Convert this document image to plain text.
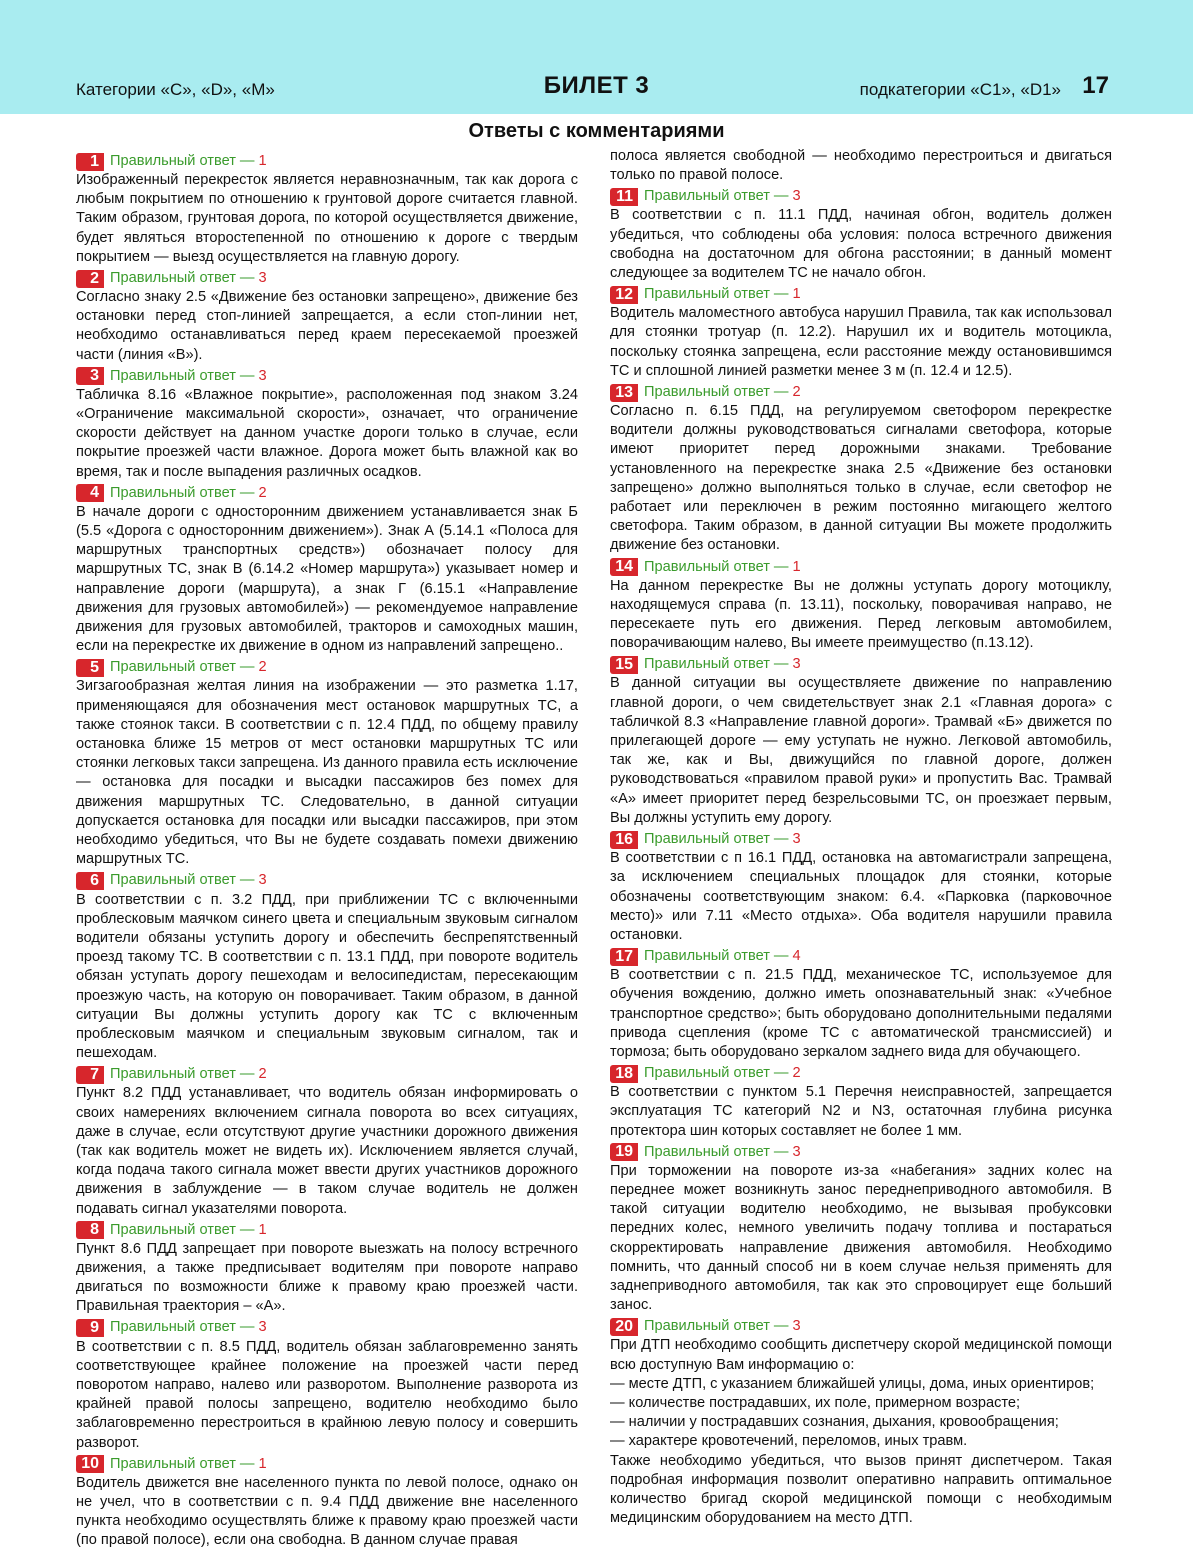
Категории «C», «D», «M»	БИЛЕТ 3	подкатегории «C1», «D1» 17
Ответы с комментариями
1 Правильный ответ — 1

Изображенный перекресток является неравнозначным, так как дорога с любым покрытием по отношению к грунтовой дороге считается главной. Таким образом, грунтовая дорога, по которой осуществляется движение, будет являться второстепенной по отношению к дороге с твердым покрытием — выезд осуществляется на главную дорогу.

2 Правильный ответ — 3

Согласно знаку 2.5 «Движение без остановки запрещено», движение без остановки перед стоп-линией запрещается, а если стоп-линии нет, необходимо останавливаться перед краем пересекаемой проезжей части (линия «В»).

3 Правильный ответ — 3

Табличка 8.16 «Влажное покрытие», расположенная под знаком 3.24 «Ограничение максимальной скорости», означает, что ограничение скорости действует на данном участке дороги только в случае, если покрытие проезжей части влажное. Дорога может быть влажной как во время, так и после выпадения различных осадков.

4 Правильный ответ — 2

В начале дороги с односторонним движением устанавливается знак Б (5.5 «Дорога с односторонним движением»). Знак А (5.14.1 «Полоса для маршрутных транспортных средств») обозначает полосу для маршрутных ТС, знак В (6.14.2 «Номер маршрута») указывает номер и направление дороги (маршрута), а знак Г (6.15.1 «Направление движения для грузовых автомобилей») — рекомендуемое направление движения для грузовых автомобилей, тракторов и самоходных машин, если на перекрестке их движение в одном из направлений запрещено..

5 Правильный ответ — 2

Зигзагообразная желтая линия на изображении — это разметка 1.17, применяющаяся для обозначения мест остановок маршрутных ТС, а также стоянок такси. В соответствии с п. 12.4 ПДД, по общему правилу остановка ближе 15 метров от мест остановки маршрутных ТС или стоянки легковых такси запрещена. Из данного правила есть исключение — остановка для посадки и высадки пассажиров без помех для движения маршрутных ТС. Следовательно, в данной ситуации допускается остановка для посадки или высадки пассажиров, при этом необходимо убедиться, что Вы не будете создавать помехи движению маршрутных ТС.

6 Правильный ответ — 3

В соответствии с п. 3.2 ПДД, при приближении ТС с включенными проблесковым маячком синего цвета и специальным звуковым сигналом водители обязаны уступить дорогу и обеспечить беспрепятственный проезд такому ТС. В соответствии с п. 13.1 ПДД, при повороте водитель обязан уступать дорогу пешеходам и велосипедистам, пересекающим проезжую часть, на которую он поворачивает. Таким образом, в данной ситуации Вы должны уступить дорогу как ТС с включенным проблесковым маячком и специальным звуковым сигналом, так и пешеходам.

7 Правильный ответ — 2

Пункт 8.2 ПДД устанавливает, что водитель обязан информировать о своих намерениях включением сигнала поворота во всех ситуациях, даже в случае, если отсутствуют другие участники дорожного движения (так как водитель может не видеть их). Исключением является случай, когда подача такого сигнала может ввести других участников дорожного движения в заблуждение — в таком случае водитель не должен подавать сигнал указателями поворота.

8 Правильный ответ — 1

Пункт 8.6 ПДД запрещает при повороте выезжать на полосу встречного движения, а также предписывает водителям при повороте направо двигаться по возможности ближе к правому краю проезжей части. Правильная траектория – «А».

9 Правильный ответ — 3

В соответствии с п. 8.5 ПДД, водитель обязан заблаговременно занять соответствующее крайнее положение на проезжей части перед поворотом направо, налево или разворотом. Выполнение разворота из крайней правой полосы запрещено, водителю необходимо было заблаговременно перестроиться в крайнюю левую полосу и совершить разворот.

10 Правильный ответ — 1

Водитель движется вне населенного пункта по левой полосе, однако он не учел, что в соответствии с п. 9.4 ПДД движение вне населенного пункта необходимо осуществлять ближе к правому краю проезжей части (по правой полосе), если она свободна. В данном случае правая

полоса является свободной — необходимо перестроиться и двигаться только по правой полосе.

11 Правильный ответ — 3

В соответствии с п. 11.1 ПДД, начиная обгон, водитель должен убедиться, что соблюдены оба условия: полоса встречного движения свободна на достаточном для обгона расстоянии; в данный момент следующее за водителем ТС не начало обгон.

12 Правильный ответ — 1

Водитель маломестного автобуса нарушил Правила, так как использовал для стоянки тротуар (п. 12.2). Нарушил их и водитель мотоцикла, поскольку стоянка запрещена, если расстояние между остановившимся ТС и сплошной линией разметки менее 3 м (п. 12.4 и 12.5).

13 Правильный ответ — 2

Согласно п. 6.15 ПДД, на регулируемом светофором перекрестке водители должны руководствоваться сигналами светофора, которые имеют приоритет перед дорожными знаками. Требование установленного на перекрестке знака 2.5 «Движение без остановки запрещено» должно выполняться только в случае, если светофор не работает или переключен в режим постоянно мигающего желтого светофора. Таким образом, в данной ситуации Вы можете продолжить движение без остановки.

14 Правильный ответ — 1

На данном перекрестке Вы не должны уступать дорогу мотоциклу, находящемуся справа (п. 13.11), поскольку, поворачивая направо, не пересекаете путь его движения. Перед легковым автомобилем, поворачивающим налево, Вы имеете преимущество (п.13.12).

15 Правильный ответ — 3

В данной ситуации вы осуществляете движение по направлению главной дороги, о чем свидетельствует знак 2.1 «Главная дорога» с табличкой 8.3 «Направление главной дороги». Трамвай «Б» движется по прилегающей дороге — ему уступать не нужно. Легковой автомобиль, так же, как и Вы, движущийся по главной дороге, должен руководствоваться «правилом правой руки» и пропустить Вас. Трамвай «А» имеет приоритет перед безрельсовыми ТС, он проезжает первым, Вы должны уступить ему дорогу.

16 Правильный ответ — 3

В соответствии с п 16.1 ПДД, остановка на автомагистрали запрещена, за исключением специальных площадок для стоянки, которые обозначены соответствующим знаком: 6.4. «Парковка (парковочное место)» или 7.11 «Место отдыха». Оба водителя нарушили правила остановки.

17 Правильный ответ — 4

В соответствии с п. 21.5 ПДД, механическое ТС, используемое для обучения вождению, должно иметь опознавательный знак: «Учебное транспортное средство»; быть оборудовано дополнительными педалями привода сцепления (кроме ТС с автоматической трансмиссией) и тормоза; быть оборудовано зеркалом заднего вида для обучающего.

18 Правильный ответ — 2

В соответствии с пунктом 5.1 Перечня неисправностей, запрещается эксплуатация ТС категорий N2 и N3, остаточная глубина рисунка протектора шин которых составляет не более 1 мм.

19 Правильный ответ — 3

При торможении на повороте из-за «набегания» задних колес на переднее может возникнуть занос переднеприводного автомобиля. В такой ситуации водителю необходимо, не вызывая пробуксовки передних колес, немного увеличить подачу топлива и постараться скорректировать направление движения автомобиля. Необходимо помнить, что данный способ ни в коем случае нельзя применять для заднеприводного автомобиля, так как это спровоцирует еще больший занос.

20 Правильный ответ — 3

При ДТП необходимо сообщить диспетчеру скорой медицинской помощи всю доступную Вам информацию о:

— месте ДТП, с указанием ближайшей улицы, дома, иных ориентиров;

— количестве пострадавших, их поле, примерном возрасте;

— наличии у пострадавших сознания, дыхания, кровообращения;

— характере кровотечений, переломов, иных травм.

Также необходимо убедиться, что вызов принят диспетчером. Такая подробная информация позволит оперативно направить оптимальное количество бригад скорой медицинской помощи с необходимым медицинским оборудованием на место ДТП.
